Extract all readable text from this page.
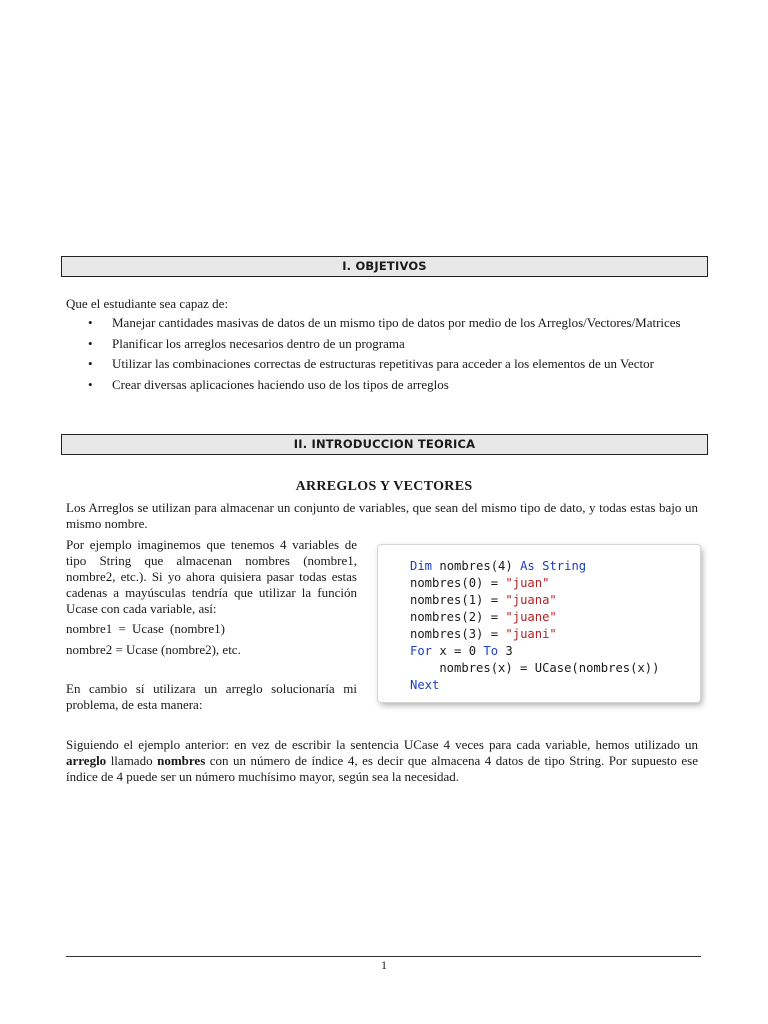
I. OBJETIVOS
Que el estudiante sea capaz de:
• Manejar cantidades masivas de datos de un mismo tipo de datos por medio de los Arreglos/Vectores/Matrices
• Planificar los arreglos necesarios dentro de un programa
• Utilizar las combinaciones correctas de estructuras repetitivas para acceder a los elementos de un Vector
• Crear diversas aplicaciones haciendo uso de los tipos de arreglos
II. INTRODUCCION TEORICA
ARREGLOS Y VECTORES
Los Arreglos se utilizan para almacenar un conjunto de variables, que sean del mismo tipo de dato, y todas estas bajo un mismo nombre.
Por ejemplo imaginemos que tenemos 4 variables de tipo String que almacenan nombres (nombre1, nombre2, etc.). Si yo ahora quisiera pasar todas estas cadenas a mayúsculas tendría que utilizar la función Ucase con cada variable, así:
nombre1 = Ucase (nombre1)
nombre2 = Ucase (nombre2), etc.
En cambio sí utilizara un arreglo solucionaría mi problema, de esta manera:
Dim nombres(4) As String
nombres(0) = "juan"
nombres(1) = "juana"
nombres(2) = "juane"
nombres(3) = "juani"
For x = 0 To 3
nombres(x) = UCase(nombres(x))
Next
Siguiendo el ejemplo anterior: en vez de escribir la sentencia UCase 4 veces para cada variable, hemos utilizado un arreglo llamado nombres con un número de índice 4, es decir que almacena 4 datos de tipo String. Por supuesto ese índice de 4 puede ser un número muchísimo mayor, según sea la necesidad.
1
